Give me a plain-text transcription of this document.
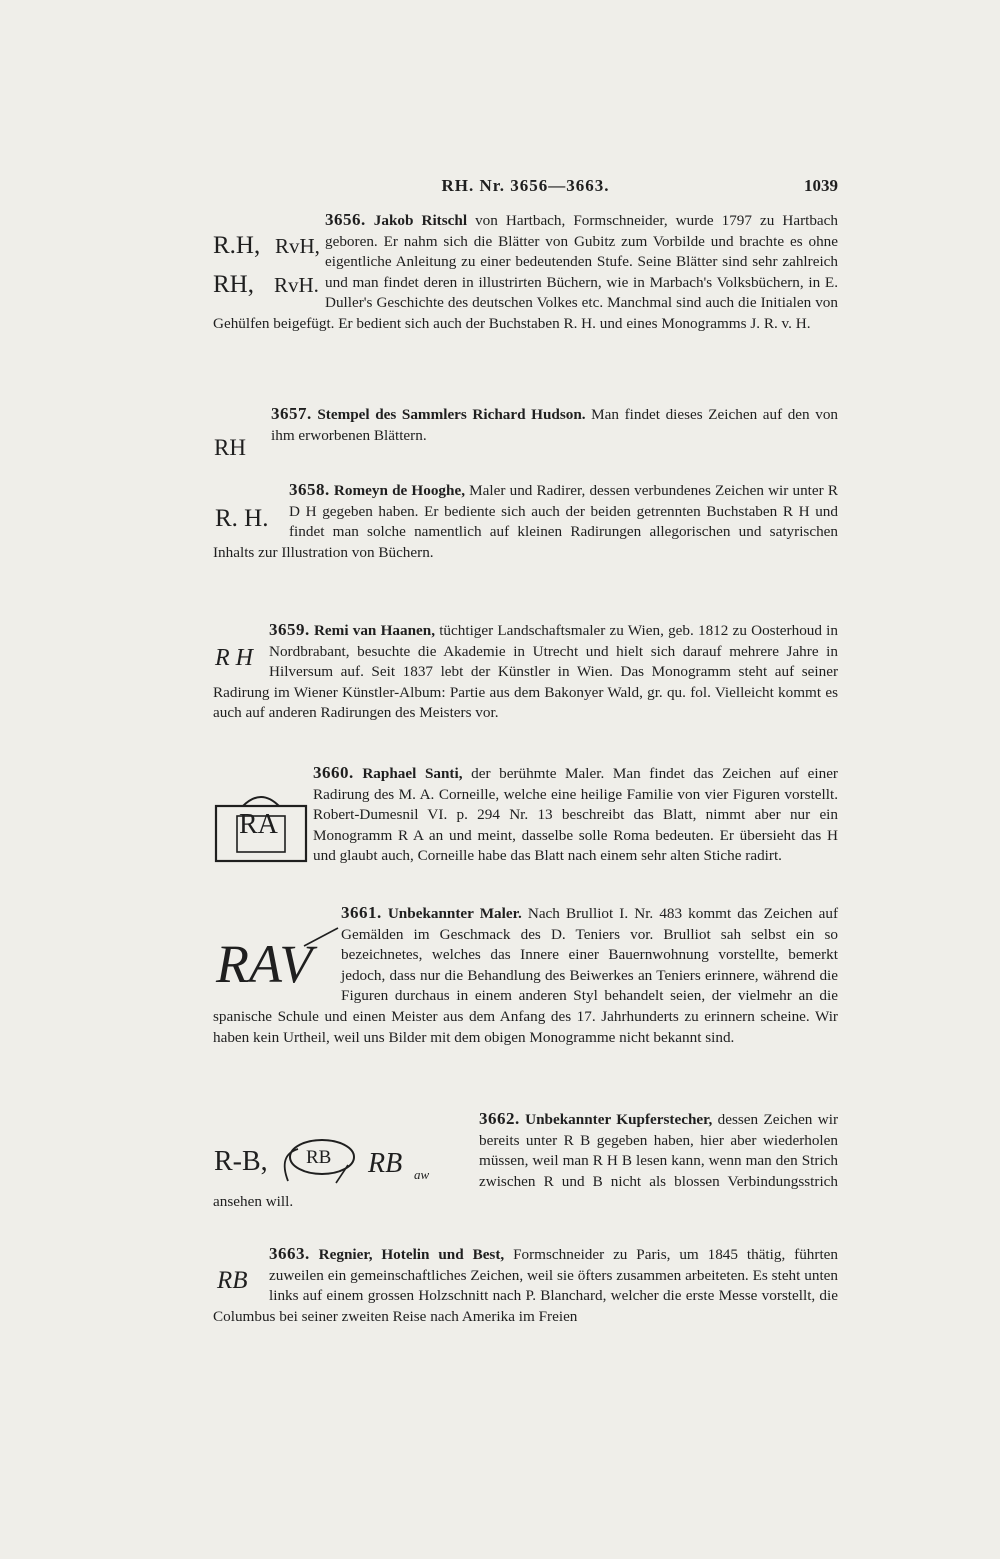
RH. Nr. 3656—3663.	1039

3656. Jakob Ritschl von Hartbach, Formschneider, wurde 1797 zu Hartbach geboren. Er nahm sich die Blätter von Gubitz zum Vorbilde und brachte es ohne eigentliche Anleitung zu einer bedeutenden Stufe. Seine Blätter sind sehr zahlreich und man findet deren in illustrirten Büchern, wie in Marbach's Volksbüchern, in E. Duller's Geschichte des deutschen Volkes etc. Manchmal sind auch die Initialen von Gehülfen beigefügt. Er bedient sich auch der Buchstaben R. H. und eines Monogramms J. R. v. H.

R.H, RvH,
RH, RvH.

3657. Stempel des Sammlers Richard Hudson. Man findet dieses Zeichen auf den von ihm erworbenen Blättern.

RH

3658. Romeyn de Hooghe, Maler und Radirer, dessen verbundenes Zeichen wir unter R D H gegeben haben. Er bediente sich auch der beiden getrennten Buchstaben R H und findet man solche namentlich auf kleinen Radirungen allegorischen und satyrischen Inhalts zur Illustration von Büchern.

R. H.

3659. Remi van Haanen, tüchtiger Landschaftsmaler zu Wien, geb. 1812 zu Oosterhoud in Nordbrabant, besuchte die Akademie in Utrecht und hielt sich darauf mehrere Jahre in Hilversum auf. Seit 1837 lebt der Künstler in Wien. Das Monogramm steht auf seiner Radirung im Wiener Künstler-Album: Partie aus dem Bakonyer Wald, gr. qu. fol. Vielleicht kommt es auch auf anderen Radirungen des Meisters vor.

R H

3660. Raphael Santi, der berühmte Maler. Man findet das Zeichen auf einer Radirung des M. A. Corneille, welche eine heilige Familie von vier Figuren vorstellt. Robert-Dumesnil VI. p. 294 Nr. 13 beschreibt das Blatt, nimmt aber nur ein Monogramm R A an und meint, dasselbe solle Roma bedeuten. Er übersieht das H und glaubt auch, Corneille habe das Blatt nach einem sehr alten Stiche radirt.

RA

3661. Unbekannter Maler. Nach Brulliot I. Nr. 483 kommt das Zeichen auf Gemälden im Geschmack des D. Teniers vor. Brulliot sah selbst ein so bezeichnetes, welches das Innere einer Bauernwohnung vorstellte, bemerkt jedoch, dass nur die Behandlung des Beiwerkes an Teniers erinnere, während die Figuren durchaus in einem anderen Styl behandelt seien, der vielmehr an die spanische Schule und einen Meister aus dem Anfang des 17. Jahrhunderts zu erinnern scheine. Wir haben kein Urtheil, weil uns Bilder mit dem obigen Monogramme nicht bekannt sind.

RAV

3662. Unbekannter Kupferstecher, dessen Zeichen wir bereits unter R B gegeben haben, hier aber wiederholen müssen, weil man R H B lesen kann, wenn man den Strich zwischen R und B nicht als blossen Verbindungsstrich ansehen will.

R-B, RB RB aw

3663. Regnier, Hotelin und Best, Formschneider zu Paris, um 1845 thätig, führten zuweilen ein gemeinschaftliches Zeichen, weil sie öfters zusammen arbeiteten. Es steht unten links auf einem grossen Holzschnitt nach P. Blanchard, welcher die erste Messe vorstellt, die Columbus bei seiner zweiten Reise nach Amerika im Freien

RB
